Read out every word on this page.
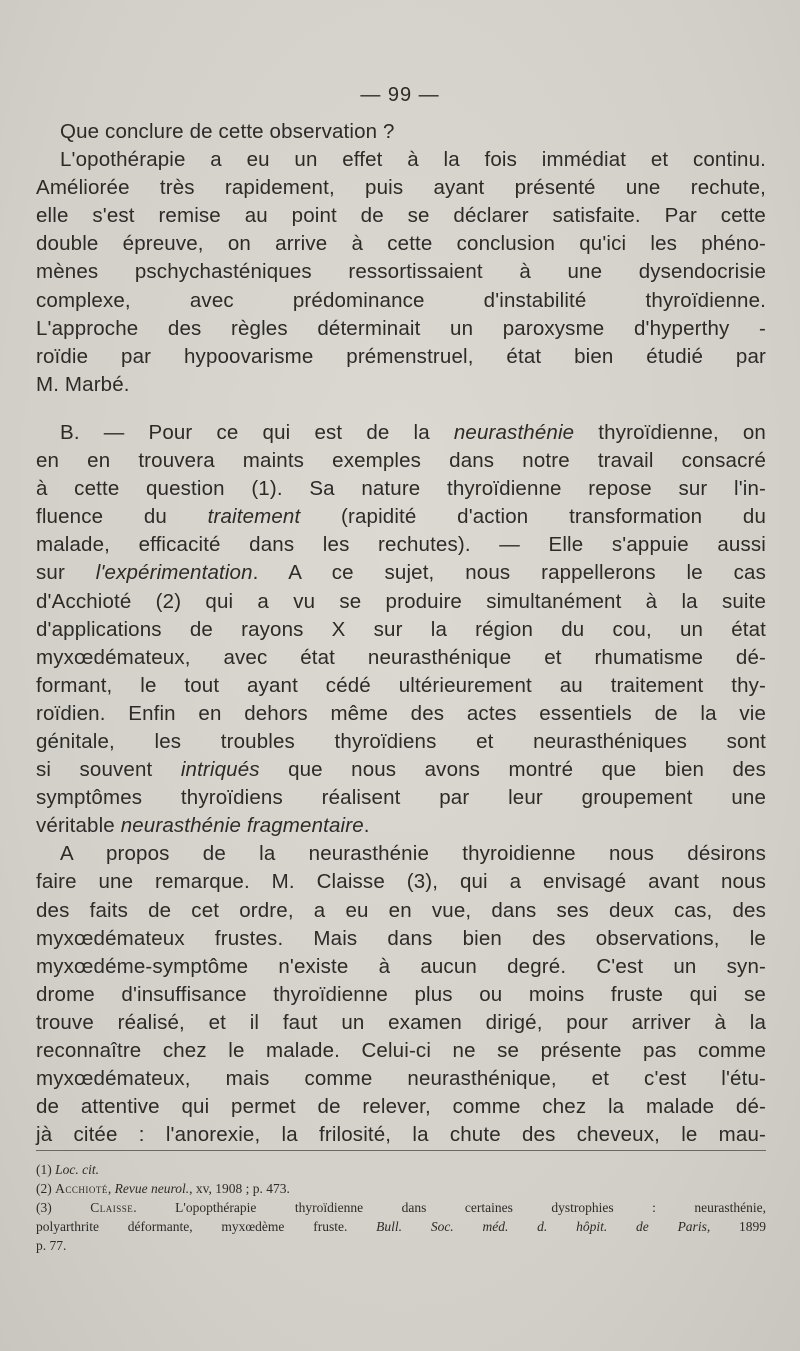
— 99 —
Que conclure de cette observation ?
L'opothérapie a eu un effet à la fois immédiat et continu.
Améliorée très rapidement, puis ayant présenté une rechute,
elle s'est remise au point de se déclarer satisfaite. Par cette
double épreuve, on arrive à cette conclusion qu'ici les phéno-
mènes pschychasténiques ressortissaient à une dysendocrisie
complexe, avec prédominance d'instabilité thyroïdienne.
L'approche des règles déterminait un paroxysme d'hyperthy -
roïdie par hypoovarisme prémenstruel, état bien étudié par
M. Marbé.
B. — Pour ce qui est de la neurasthénie thyroïdienne, on
en en trouvera maints exemples dans notre travail consacré
à cette question (1). Sa nature thyroïdienne repose sur l'in-
fluence du traitement (rapidité d'action transformation du
malade, efficacité dans les rechutes). — Elle s'appuie aussi
sur l'expérimentation. A ce sujet, nous rappellerons le cas
d'Acchioté (2) qui a vu se produire simultanément à la suite
d'applications de rayons X sur la région du cou, un état
myxœdémateux, avec état neurasthénique et rhumatisme dé-
formant, le tout ayant cédé ultérieurement au traitement thy-
roïdien. Enfin en dehors même des actes essentiels de la vie
génitale, les troubles thyroïdiens et neurasthéniques sont
si souvent intriqués que nous avons montré que bien des
symptômes thyroïdiens réalisent par leur groupement une
véritable neurasthénie fragmentaire.
A propos de la neurasthénie thyroidienne nous désirons
faire une remarque. M. Claisse (3), qui a envisagé avant nous
des faits de cet ordre, a eu en vue, dans ses deux cas, des
myxœdémateux frustes. Mais dans bien des observations, le
myxœdéme-symptôme n'existe à aucun degré. C'est un syn-
drome d'insuffisance thyroïdienne plus ou moins fruste qui se
trouve réalisé, et il faut un examen dirigé, pour arriver à la
reconnaître chez le malade. Celui-ci ne se présente pas comme
myxœdémateux, mais comme neurasthénique, et c'est l'étu-
de attentive qui permet de relever, comme chez la malade dé-
jà citée : l'anorexie, la frilosité, la chute des cheveux, le mau-
(1) Loc. cit.
(2) Acchioté, Revue neurol., xv, 1908 ; p. 473.
(3) Claisse. L'opopthérapie thyroïdienne dans certaines dystrophies : neurasthénie,
polyarthrite déformante, myxœdème fruste. Bull. Soc. méd. d. hôpit. de Paris, 1899
p. 77.
